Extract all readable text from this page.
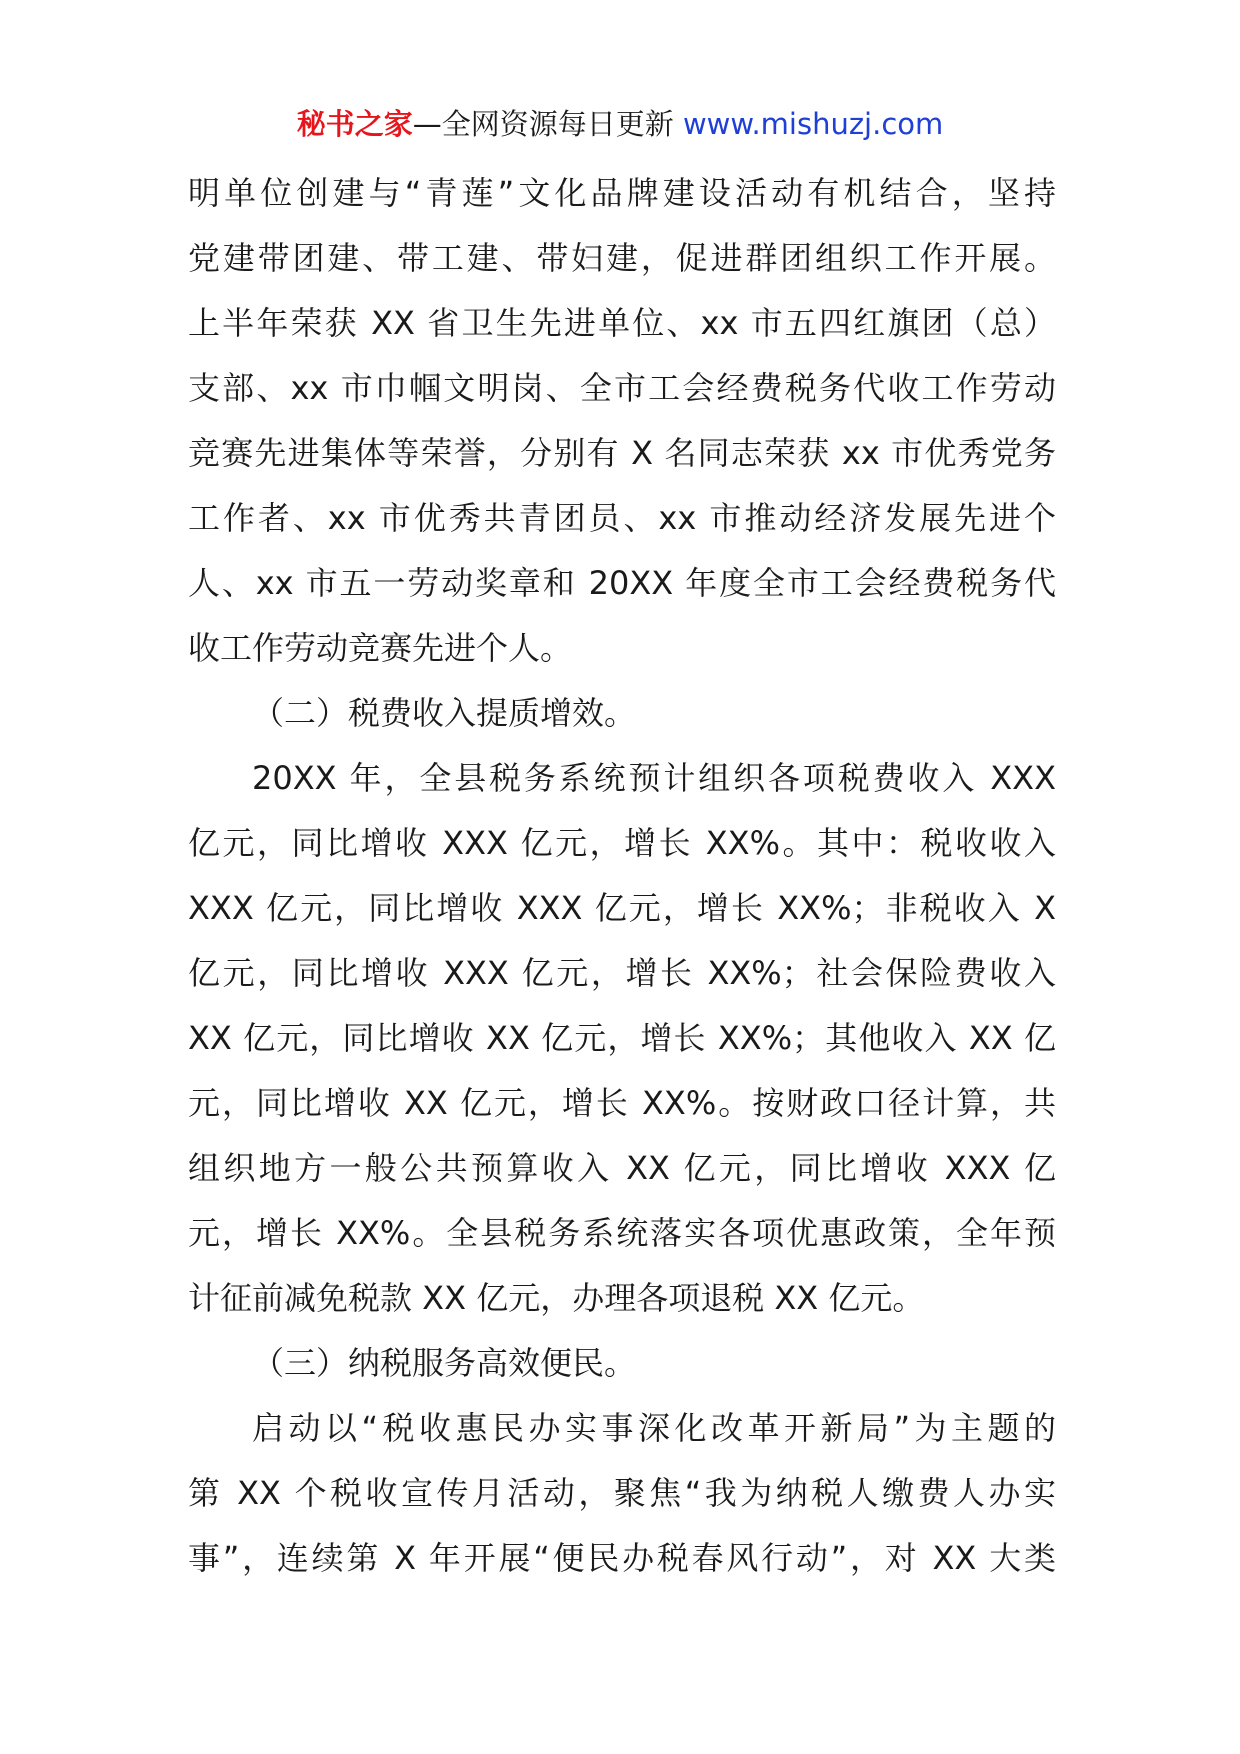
秘书之家—全网资源每日更新 www.mishuzj.com

明单位创建与“青莲”文化品牌建设活动有机结合，坚持

党建带团建、带工建、带妇建，促进群团组织工作开展。

上半年荣获 XX 省卫生先进单位、xx 市五四红旗团（总）

支部、xx 市巾帼文明岗、全市工会经费税务代收工作劳动

竞赛先进集体等荣誉，分别有 X 名同志荣获 xx 市优秀党务

工作者、xx 市优秀共青团员、xx 市推动经济发展先进个

人、xx 市五一劳动奖章和 20XX 年度全市工会经费税务代

收工作劳动竞赛先进个人。

（二）税费收入提质增效。

20XX 年，全县税务系统预计组织各项税费收入 XXX

亿元，同比增收 XXX 亿元，增长 XX%。其中：税收收入

XXX 亿元，同比增收 XXX 亿元，增长 XX%；非税收入 X

亿元，同比增收 XXX 亿元，增长 XX%；社会保险费收入

XX 亿元，同比增收 XX 亿元，增长 XX%；其他收入 XX 亿

元，同比增收 XX 亿元，增长 XX%。按财政口径计算，共

组织地方一般公共预算收入 XX 亿元，同比增收 XXX 亿

元，增长 XX%。全县税务系统落实各项优惠政策，全年预

计征前减免税款 XX 亿元，办理各项退税 XX 亿元。

（三）纳税服务高效便民。

启动以“税收惠民办实事深化改革开新局”为主题的

第 XX 个税收宣传月活动，聚焦“我为纳税人缴费人办实

事”，连续第 X 年开展“便民办税春风行动”，对 XX 大类
